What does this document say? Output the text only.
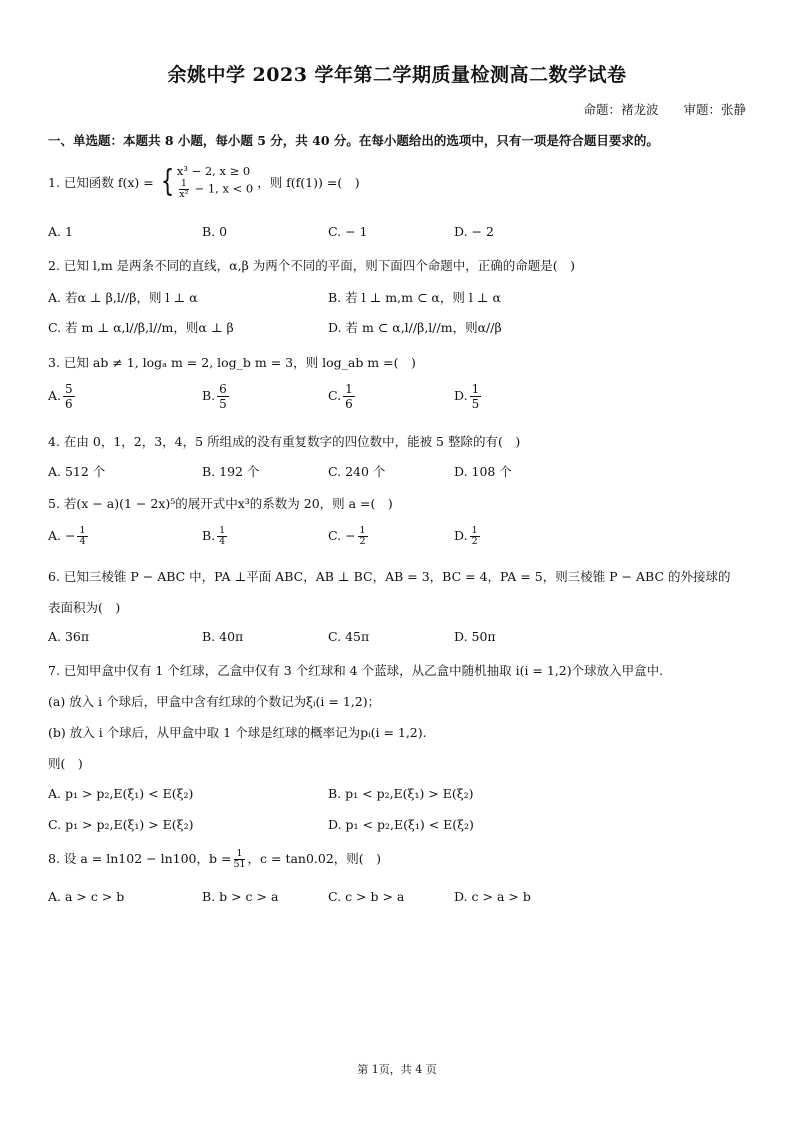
余姚中学 2023 学年第二学期质量检测高二数学试卷
命题：褚龙波　　审题：张静
一、单选题：本题共 8 小题，每小题 5 分，共 40 分。在每小题给出的选项中，只有一项是符合题目要求的。
1. 已知函数 f(x) = { x³ − 2, x ≥ 0
$\frac{1}{\text{x²}} - 1$, x < 0 ，则 f(f(1)) =(　)
A. 1	B. 0	C. − 1	D. − 2
2. 已知 l,m 是两条不同的直线，α,β 为两个不同的平面，则下面四个命题中，正确的命题是(　)
A. 若α ⊥ β,l//β，则 l ⊥ α	B. 若 l ⊥ m,m ⊂ α，则 l ⊥ α
C. 若 m ⊥ α,l//β,l//m，则α ⊥ β	D. 若 m ⊂ α,l//β,l//m，则α//β
3. 已知 ab ≠ 1, logₐ m = 2, log_b m = 3，则 log_ab m =(　)
A. $\frac{5}{6}$	B. $\frac{6}{5}$	C. $\frac{1}{6}$	D. $\frac{1}{5}$
4. 在由 0，1，2，3，4，5 所组成的没有重复数字的四位数中，能被 5 整除的有(　)
A. 512 个	B. 192 个	C. 240 个	D. 108 个
5. 若(x − a)(1 − 2x)⁵的展开式中x³的系数为 20，则 a =(　)
A. − $\frac{1}{4}$	B. $\frac{1}{4}$	C. − $\frac{1}{2}$	D. $\frac{1}{2}$
6. 已知三棱锥 P − ABC 中，PA ⊥平面 ABC，AB ⊥ BC，AB = 3，BC = 4，PA = 5，则三棱锥 P − ABC 的外接球的
表面积为(　)
A. 36π	B. 40π	C. 45π	D. 50π
7. 已知甲盒中仅有 1 个红球，乙盒中仅有 3 个红球和 4 个蓝球，从乙盒中随机抽取 i(i = 1,2)个球放入甲盒中.
(a) 放入 i 个球后，甲盒中含有红球的个数记为ξᵢ(i = 1,2)；
(b) 放入 i 个球后，从甲盒中取 1 个球是红球的概率记为pᵢ(i = 1,2).
则(　)
A. p₁ > p₂,E(ξ₁) < E(ξ₂)	B. p₁ < p₂,E(ξ₁) > E(ξ₂)
C. p₁ > p₂,E(ξ₁) > E(ξ₂)	D. p₁ < p₂,E(ξ₁) < E(ξ₂)
8. 设 a = ln102 − ln100，$b = \frac{1}{51}$ ，c = tan0.02，则(　)
A. a > c > b	B. b > c > a	C. c > b > a	D. c > a > b
第 1页，共 4 页
